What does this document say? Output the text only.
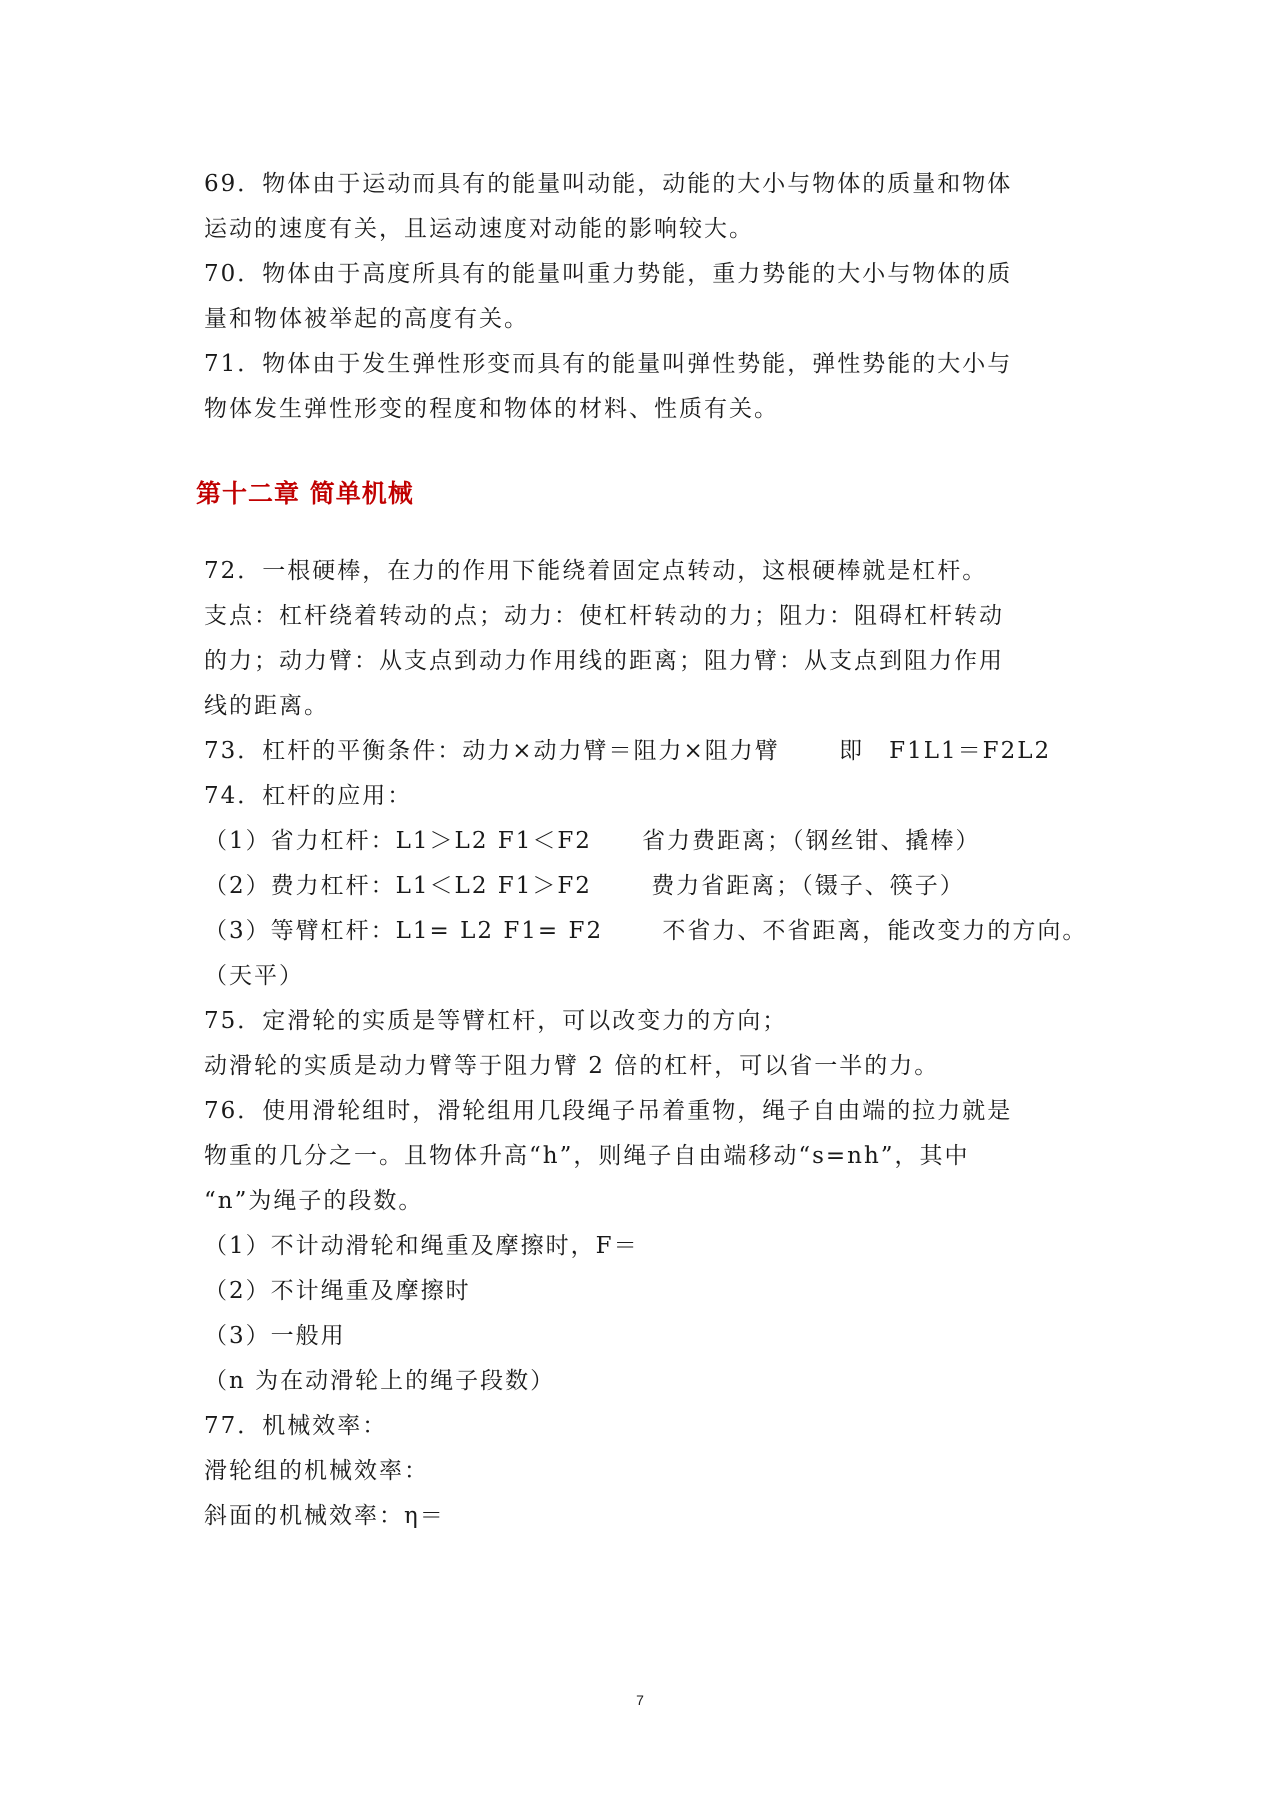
69．物体由于运动而具有的能量叫动能，动能的大小与物体的质量和物体

运动的速度有关，且运动速度对动能的影响较大。

70．物体由于高度所具有的能量叫重力势能，重力势能的大小与物体的质

量和物体被举起的高度有关。

71．物体由于发生弹性形变而具有的能量叫弹性势能，弹性势能的大小与

物体发生弹性形变的程度和物体的材料、性质有关。

第十二章 简单机械

72．一根硬棒，在力的作用下能绕着固定点转动，这根硬棒就是杠杆。

支点：杠杆绕着转动的点；动力：使杠杆转动的力；阻力：阻碍杠杆转动

的力；动力臂：从支点到动力作用线的距离；阻力臂：从支点到阻力作用

线的距离。

73．杠杆的平衡条件：动力×动力臂＝阻力×阻力臂　　 即　F1L1＝F2L2

74．杠杆的应用：

（1）省力杠杆：L1＞L2 F1＜F2　　省力费距离；（钢丝钳、撬棒）

（2）费力杠杆：L1＜L2 F1＞F2　　 费力省距离；（镊子、筷子）

（3）等臂杠杆：L1= L2 F1= F2　　 不省力、不省距离，能改变力的方向。

（天平）

75．定滑轮的实质是等臂杠杆，可以改变力的方向；

动滑轮的实质是动力臂等于阻力臂 2 倍的杠杆，可以省一半的力。

76．使用滑轮组时，滑轮组用几段绳子吊着重物，绳子自由端的拉力就是

物重的几分之一。且物体升高“h”，则绳子自由端移动“s=nh”，其中

“n”为绳子的段数。

（1）不计动滑轮和绳重及摩擦时，F＝

（2）不计绳重及摩擦时

（3）一般用

（n 为在动滑轮上的绳子段数）

77．机械效率：

滑轮组的机械效率：

斜面的机械效率：η＝

7
